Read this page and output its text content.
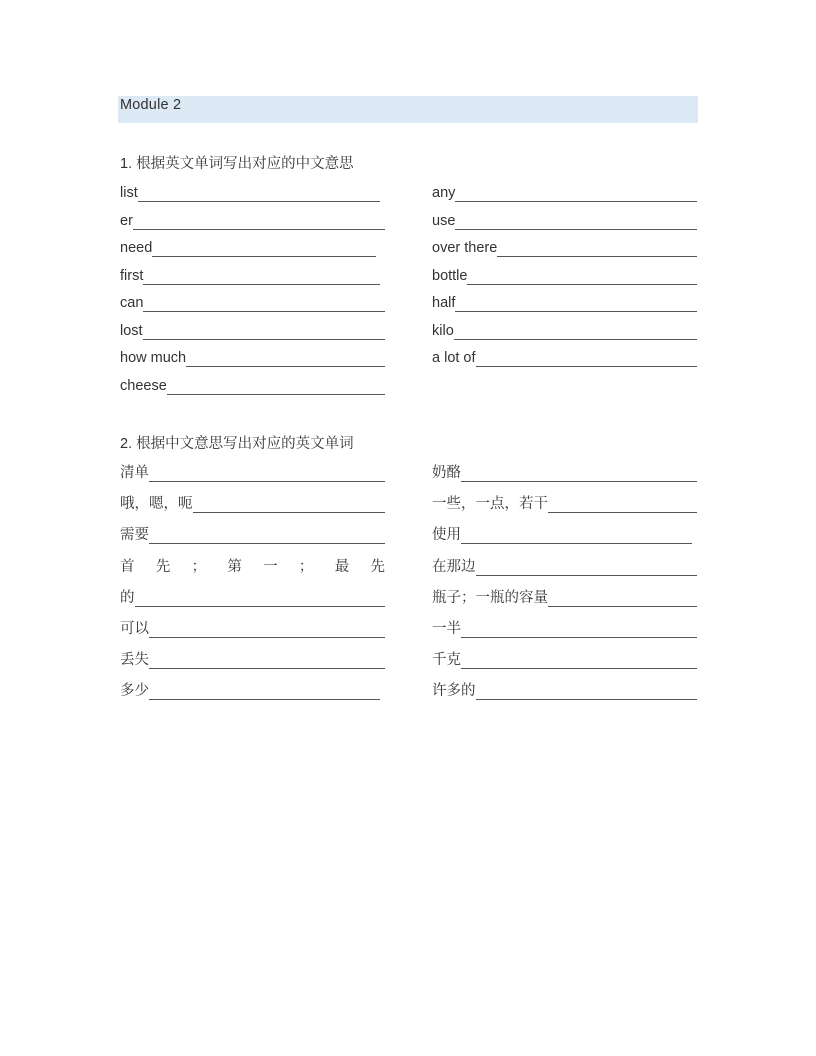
Module 2
1. 根据英文单词写出对应的中文意思
list
er
need
first
can
lost
how much
cheese
any
use
over there
bottle
half
kilo
a lot of
2. 根据中文意思写出对应的英文单词
清单
哦，嗯，呃
需要
首 先 ； 第 一 ； 最 先
的
可以
丢失
多少
奶酪
一些，一点，若干
使用
在那边
瓶子；一瓶的容量
一半
千克
许多的
